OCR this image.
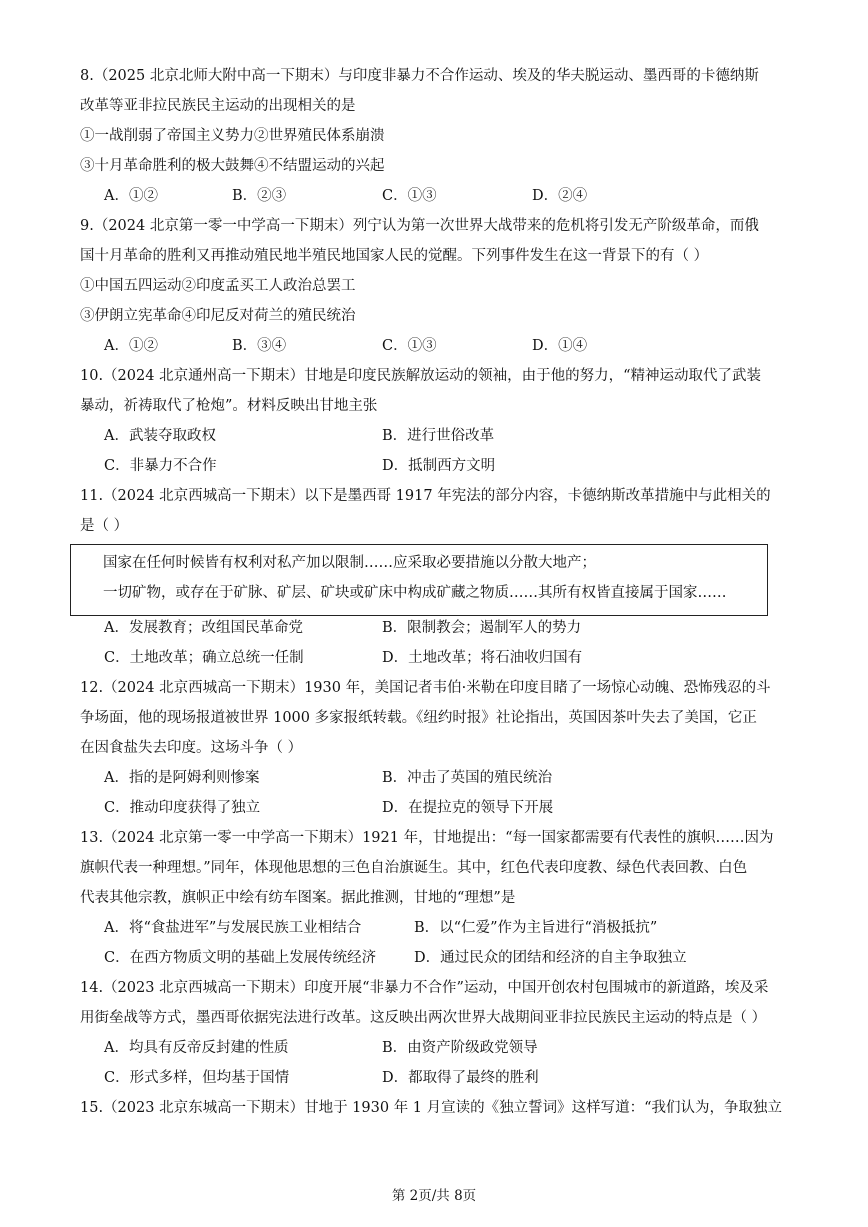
8.（2025 北京北师大附中高一下期末）与印度非暴力不合作运动、埃及的华夫脱运动、墨西哥的卡德纳斯
改革等亚非拉民族民主运动的出现相关的是
①一战削弱了帝国主义势力②世界殖民体系崩溃
③十月革命胜利的极大鼓舞④不结盟运动的兴起
A．①②	B．②③	C．①③	D．②④
9.（2024 北京第一零一中学高一下期末）列宁认为第一次世界大战带来的危机将引发无产阶级革命，而俄
国十月革命的胜利又再推动殖民地半殖民地国家人民的觉醒。下列事件发生在这一背景下的有（ ）
①中国五四运动②印度孟买工人政治总罢工
③伊朗立宪革命④印尼反对荷兰的殖民统治
A．①②	B．③④	C．①③	D．①④
10.（2024 北京通州高一下期末）甘地是印度民族解放运动的领袖，由于他的努力，“精神运动取代了武装
暴动，祈祷取代了枪炮”。材料反映出甘地主张
A．武装夺取政权	B．进行世俗改革
C．非暴力不合作	D．抵制西方文明
11.（2024 北京西城高一下期末）以下是墨西哥 1917 年宪法的部分内容，卡德纳斯改革措施中与此相关的
是（ ）
国家在任何时候皆有权利对私产加以限制……应采取必要措施以分散大地产；
一切矿物，或存在于矿脉、矿层、矿块或矿床中构成矿藏之物质……其所有权皆直接属于国家……
A．发展教育；改组国民革命党	B．限制教会；遏制军人的势力
C．土地改革；确立总统一任制	D．土地改革；将石油收归国有
12.（2024 北京西城高一下期末）1930 年，美国记者韦伯·米勒在印度目睹了一场惊心动魄、恐怖残忍的斗
争场面，他的现场报道被世界 1000 多家报纸转载。《纽约时报》社论指出，英国因茶叶失去了美国，它正
在因食盐失去印度。这场斗争（ ）
A．指的是阿姆利则惨案	B．冲击了英国的殖民统治
C．推动印度获得了独立	D．在提拉克的领导下开展
13.（2024 北京第一零一中学高一下期末）1921 年，甘地提出：“每一国家都需要有代表性的旗帜……因为
旗帜代表一种理想。”同年，体现他思想的三色自治旗诞生。其中，红色代表印度教、绿色代表回教、白色
代表其他宗教，旗帜正中绘有纺车图案。据此推测，甘地的“理想”是
A．将“食盐进军”与发展民族工业相结合	B．以“仁爱”作为主旨进行“消极抵抗”
C．在西方物质文明的基础上发展传统经济	D．通过民众的团结和经济的自主争取独立
14.（2023 北京西城高一下期末）印度开展“非暴力不合作”运动，中国开创农村包围城市的新道路，埃及采
用街垒战等方式，墨西哥依据宪法进行改革。这反映出两次世界大战期间亚非拉民族民主运动的特点是（ ）
A．均具有反帝反封建的性质	B．由资产阶级政党领导
C．形式多样，但均基于国情	D．都取得了最终的胜利
15.（2023 北京东城高一下期末）甘地于 1930 年 1 月宣读的《独立誓词》这样写道：“我们认为，争取独立
第 2页/共 8页
